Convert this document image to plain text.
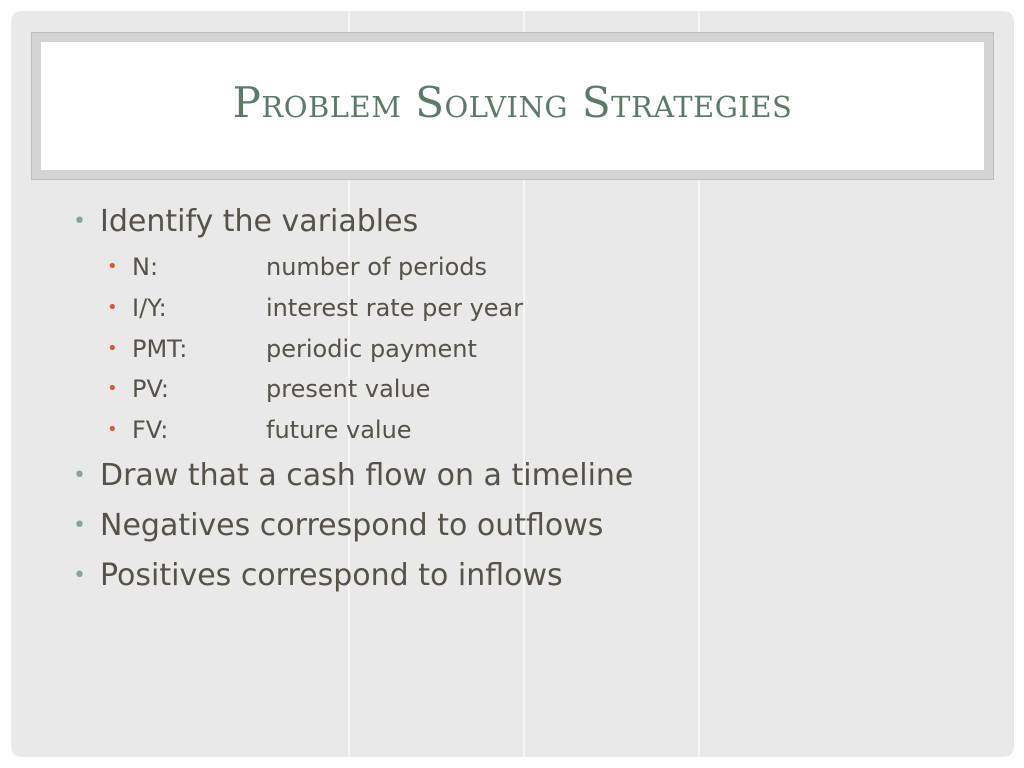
Problem Solving Strategies
• Identify the variables
• N:	number of periods
• I/Y:	interest rate per year
• PMT:	periodic payment
• PV:	present value
• FV:	future value
• Draw that a cash flow on a timeline
• Negatives correspond to outflows
• Positives correspond to inflows
